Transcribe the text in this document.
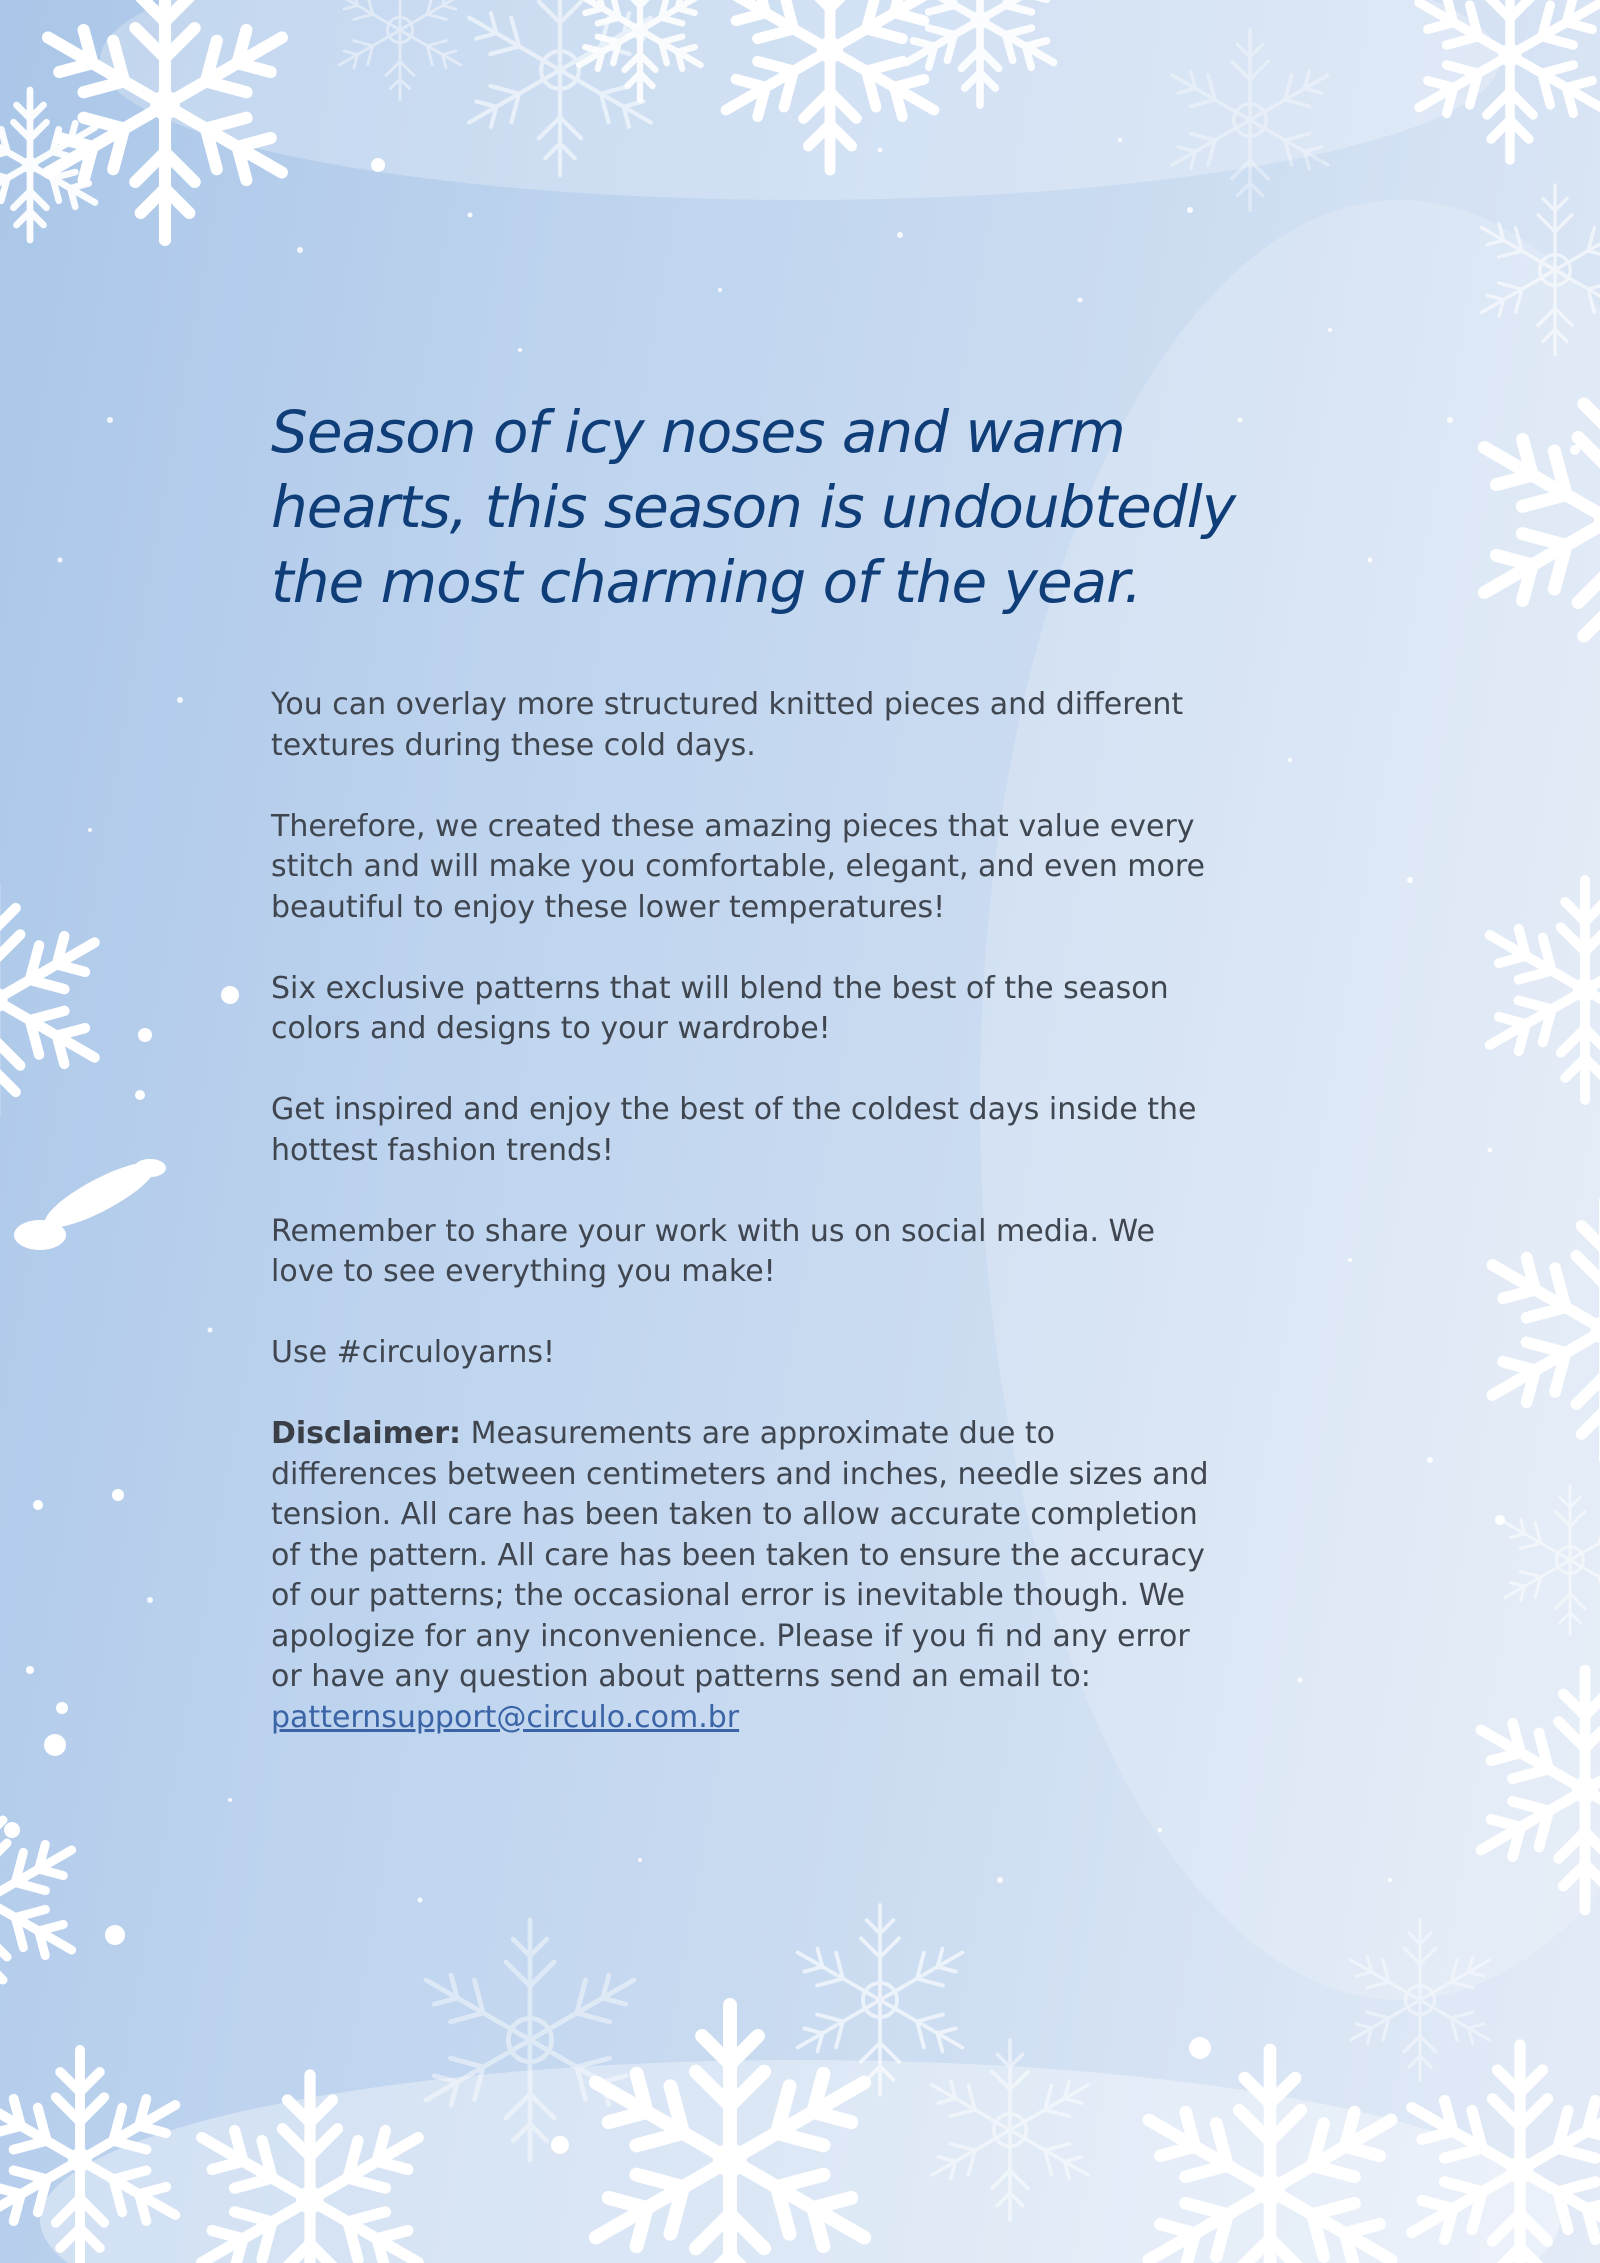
Season of icy noses and warm
hearts, this season is undoubtedly
the most charming of the year.

You can overlay more structured knitted pieces and different textures during these cold days.

Therefore, we created these amazing pieces that value every stitch and will make you comfortable, elegant, and even more beautiful to enjoy these lower temperatures!

Six exclusive patterns that will blend the best of the season colors and designs to your wardrobe!

Get inspired and enjoy the best of the coldest days inside the hottest fashion trends!

Remember to share your work with us on social media. We love to see everything you make!

Use #circuloyarns!

Disclaimer: Measurements are approximate due to differences between centimeters and inches, needle sizes and tension. All care has been taken to allow accurate completion of the pattern. All care has been taken to ensure the accuracy of our patterns; the occasional error is inevitable though. We apologize for any inconvenience. Please if you fi nd any error or have any question about patterns send an email to: patternsupport@circulo.com.br
